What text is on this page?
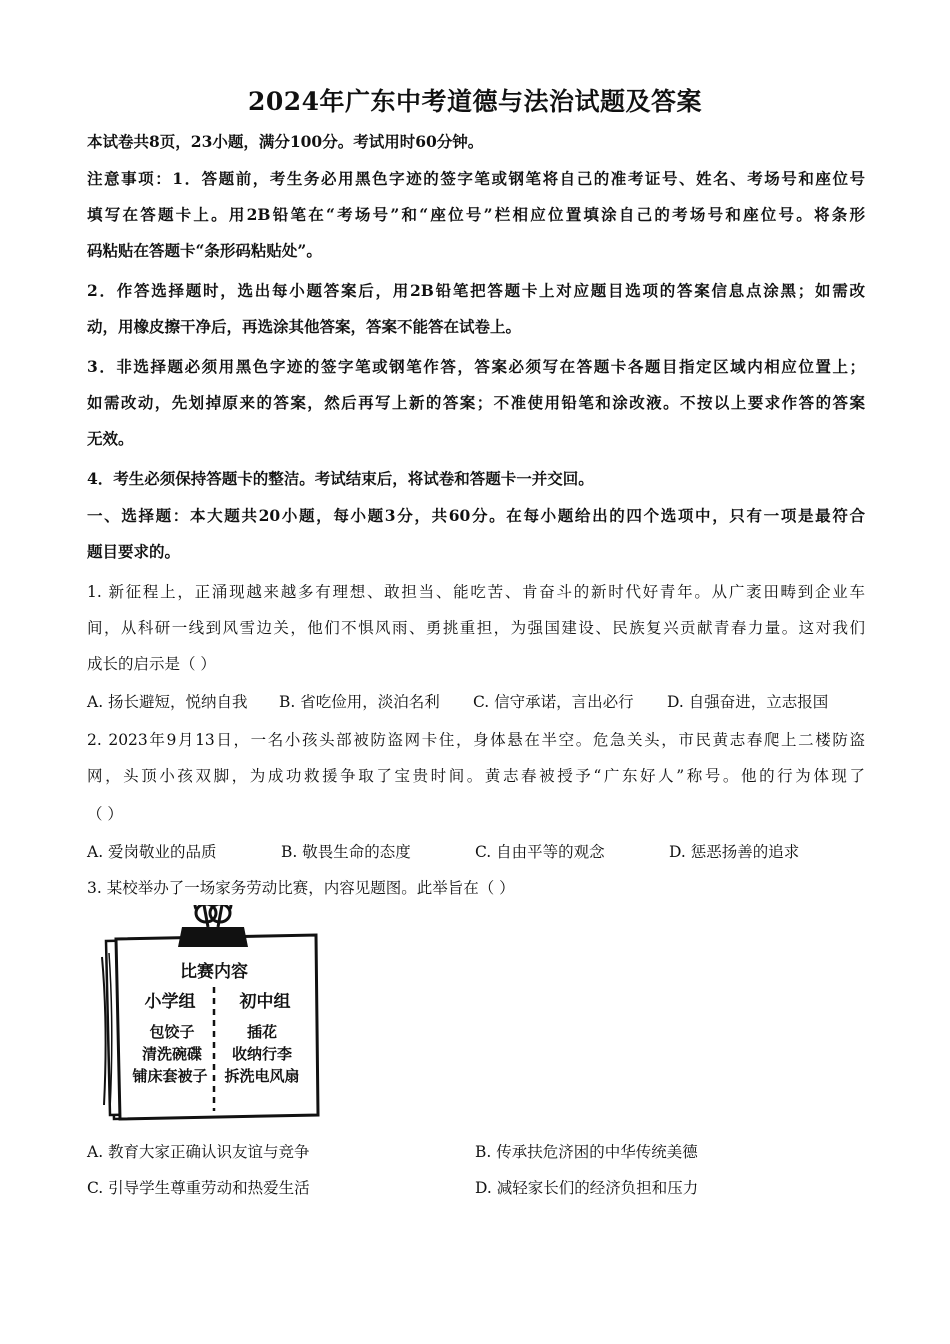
2024年广东中考道德与法治试题及答案
本试卷共8页，23小题，满分100分。考试用时60分钟。
注意事项：1．答题前，考生务必用黑色字迹的签字笔或钢笔将自己的准考证号、姓名、考场号和座位号
填写在答题卡上。用2B铅笔在“考场号”和“座位号”栏相应位置填涂自己的考场号和座位号。将条形
码粘贴在答题卡“条形码粘贴处”。
2．作答选择题时，选出每小题答案后，用2B铅笔把答题卡上对应题目选项的答案信息点涂黑；如需改
动，用橡皮擦干净后，再选涂其他答案，答案不能答在试卷上。
3．非选择题必须用黑色字迹的签字笔或钢笔作答，答案必须写在答题卡各题目指定区域内相应位置上；
如需改动，先划掉原来的答案，然后再写上新的答案；不准使用铅笔和涂改液。不按以上要求作答的答案
无效。
4．考生必须保持答题卡的整洁。考试结束后，将试卷和答题卡一并交回。
一、选择题：本大题共20小题，每小题3分，共60分。在每小题给出的四个选项中，只有一项是最符合
题目要求的。
1. 新征程上，正涌现越来越多有理想、敢担当、能吃苦、肯奋斗的新时代好青年。从广袤田畴到企业车
间，从科研一线到风雪边关，他们不惧风雨、勇挑重担，为强国建设、民族复兴贡献青春力量。这对我们
成长的启示是（ ）
A. 扬长避短，悦纳自我 B. 省吃俭用，淡泊名利 C. 信守承诺，言出必行 D. 自强奋进，立志报国
2. 2023年9月13日，一名小孩头部被防盗网卡住，身体悬在半空。危急关头，市民黄志春爬上二楼防盗
网，头顶小孩双脚，为成功救援争取了宝贵时间。黄志春被授予“广东好人”称号。他的行为体现了
（ ）
A. 爱岗敬业的品质	B. 敬畏生命的态度	C. 自由平等的观念	D. 惩恶扬善的追求
3. 某校举办了一场家务劳动比赛，内容见题图。此举旨在（ ）
比赛内容
小学组	初中组
包饺子
清洗碗碟
铺床套被子
插花
收纳行李
拆洗电风扇
A. 教育大家正确认识友谊与竞争	B. 传承扶危济困的中华传统美德
C. 引导学生尊重劳动和热爱生活	D. 减轻家长们的经济负担和压力
